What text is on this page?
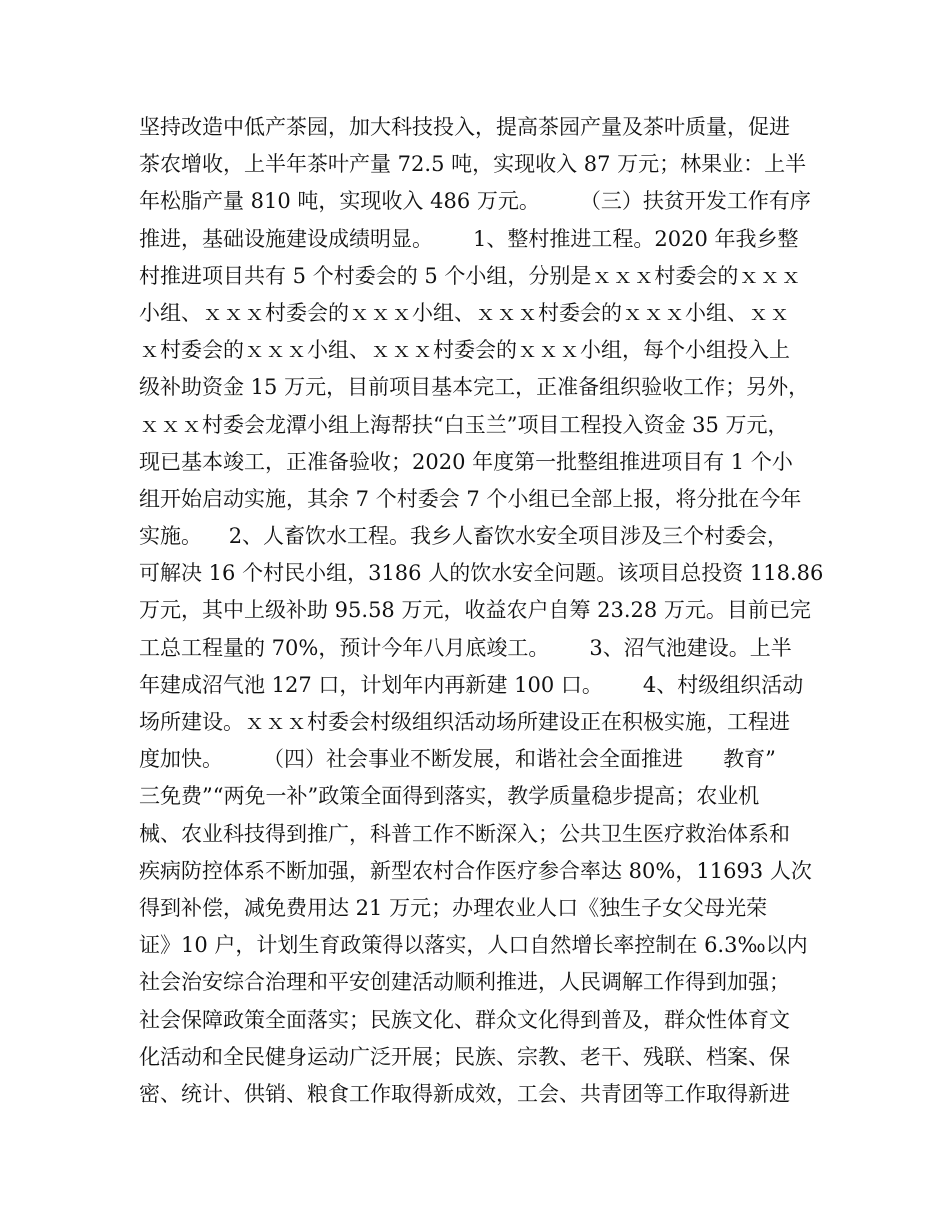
坚持改造中低产茶园，加大科技投入，提高茶园产量及茶叶质量，促进
茶农增收，上半年茶叶产量 72.5 吨，实现收入 87 万元；林果业：上半
年松脂产量 810 吨，实现收入 486 万元。      （三）扶贫开发工作有序
推进，基础设施建设成绩明显。      1、整村推进工程。2020 年我乡整
村推进项目共有 5 个村委会的 5 个小组，分别是ｘｘｘ村委会的ｘｘｘ
小组、ｘｘｘ村委会的ｘｘｘ小组、ｘｘｘ村委会的ｘｘｘ小组、ｘｘ
ｘ村委会的ｘｘｘ小组、ｘｘｘ村委会的ｘｘｘ小组，每个小组投入上
级补助资金 15 万元，目前项目基本完工，正准备组织验收工作；另外，
ｘｘｘ村委会龙潭小组上海帮扶“白玉兰”项目工程投入资金 35 万元，
现已基本竣工，正准备验收；2020 年度第一批整组推进项目有 1 个小
组开始启动实施，其余 7 个村委会 7 个小组已全部上报，将分批在今年
实施。    2、人畜饮水工程。我乡人畜饮水安全项目涉及三个村委会，
可解决 16 个村民小组，3186 人的饮水安全问题。该项目总投资 118.86
万元，其中上级补助 95.58 万元，收益农户自筹 23.28 万元。目前已完
工总工程量的 70%，预计今年八月底竣工。      3、沼气池建设。上半
年建成沼气池 127 口，计划年内再新建 100 口。      4、村级组织活动
场所建设。ｘｘｘ村委会村级组织活动场所建设正在积极实施，工程进
度加快。      （四）社会事业不断发展，和谐社会全面推进      教育”
三免费”“两免一补”政策全面得到落实，教学质量稳步提高；农业机
械、农业科技得到推广，科普工作不断深入；公共卫生医疗救治体系和
疾病防控体系不断加强，新型农村合作医疗参合率达 80%，11693 人次
得到补偿，减免费用达 21 万元；办理农业人口《独生子女父母光荣
证》10 户，计划生育政策得以落实，人口自然增长率控制在 6.3‰以内
社会治安综合治理和平安创建活动顺利推进，人民调解工作得到加强；
社会保障政策全面落实；民族文化、群众文化得到普及，群众性体育文
化活动和全民健身运动广泛开展；民族、宗教、老干、残联、档案、保
密、统计、供销、粮食工作取得新成效，工会、共青团等工作取得新进
